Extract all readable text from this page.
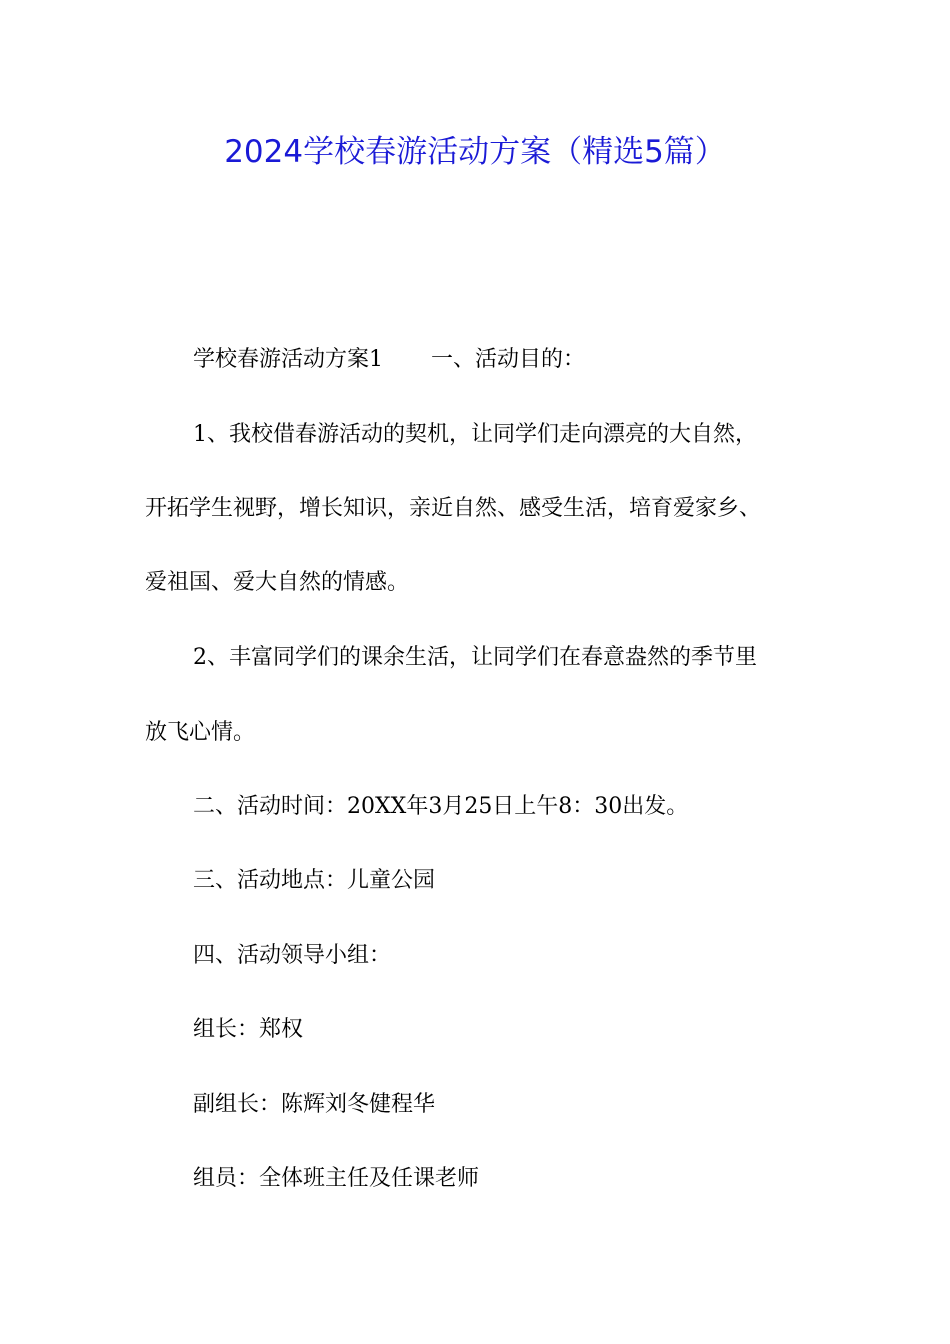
2024学校春游活动方案（精选5篇）
学校春游活动方案1 一、活动目的：
1、我校借春游活动的契机，让同学们走向漂亮的大自然，
开拓学生视野，增长知识，亲近自然、感受生活，培育爱家乡、
爱祖国、爱大自然的情感。
2、丰富同学们的课余生活，让同学们在春意盎然的季节里
放飞心情。
二、活动时间：20XX年3月25日上午8：30出发。
三、活动地点：儿童公园
四、活动领导小组：
组长：郑权
副组长：陈辉刘冬健程华
组员：全体班主任及任课老师
